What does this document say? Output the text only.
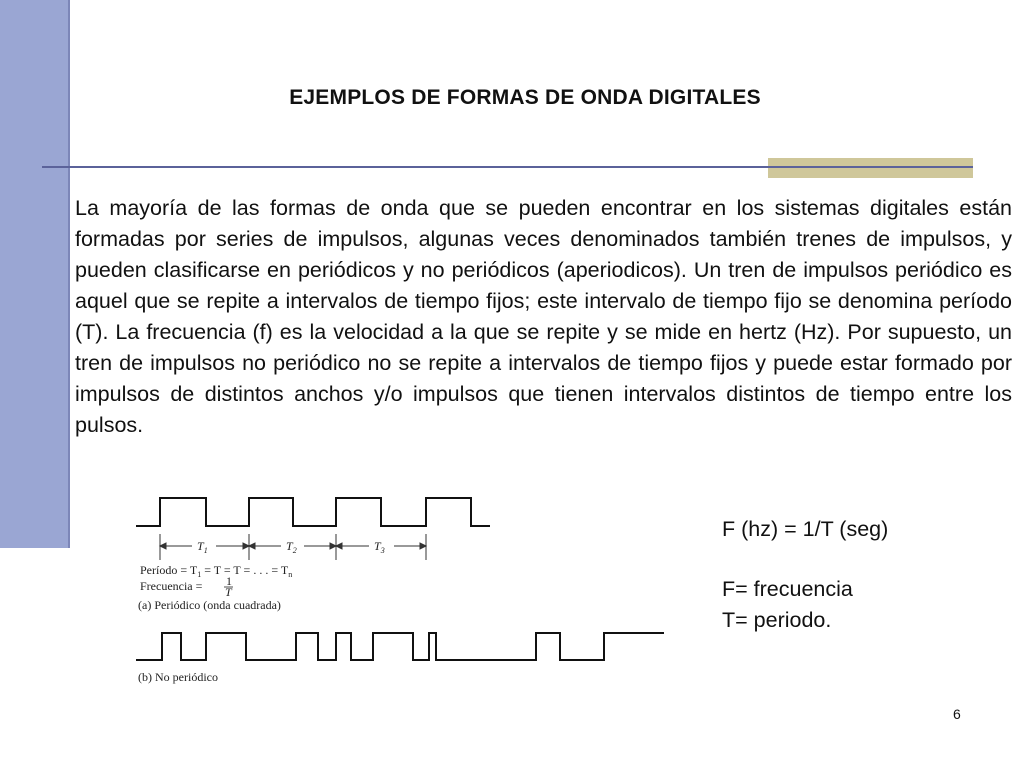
EJEMPLOS DE FORMAS DE ONDA DIGITALES

La mayoría de las formas de onda que se pueden encontrar en los sistemas digitales están formadas por series de impulsos, algunas veces denominados también trenes de impulsos, y pueden clasificarse en periódicos y no periódicos (aperiodicos). Un tren de impulsos periódico es aquel que se repite a intervalos de tiempo fijos; este intervalo de tiempo fijo se denomina período (T). La frecuencia (f) es la velocidad a la que se repite y se mide en hertz (Hz). Por supuesto, un tren de impulsos no periódico no se repite a intervalos de tiempo fijos y puede estar formado por impulsos de distintos anchos y/o impulsos que tienen intervalos distintos de tiempo entre los pulsos.

$T_1$	$T_2$	$T_3$
Período = $T_1 = T = T$ = . . . = $T_n$
Frecuencia = 1
T
(a) Periódico (onda cuadrada)
(b) No periódico
F (hz) = 1/T (seg)
F= frecuencia
T= periodo.
6
